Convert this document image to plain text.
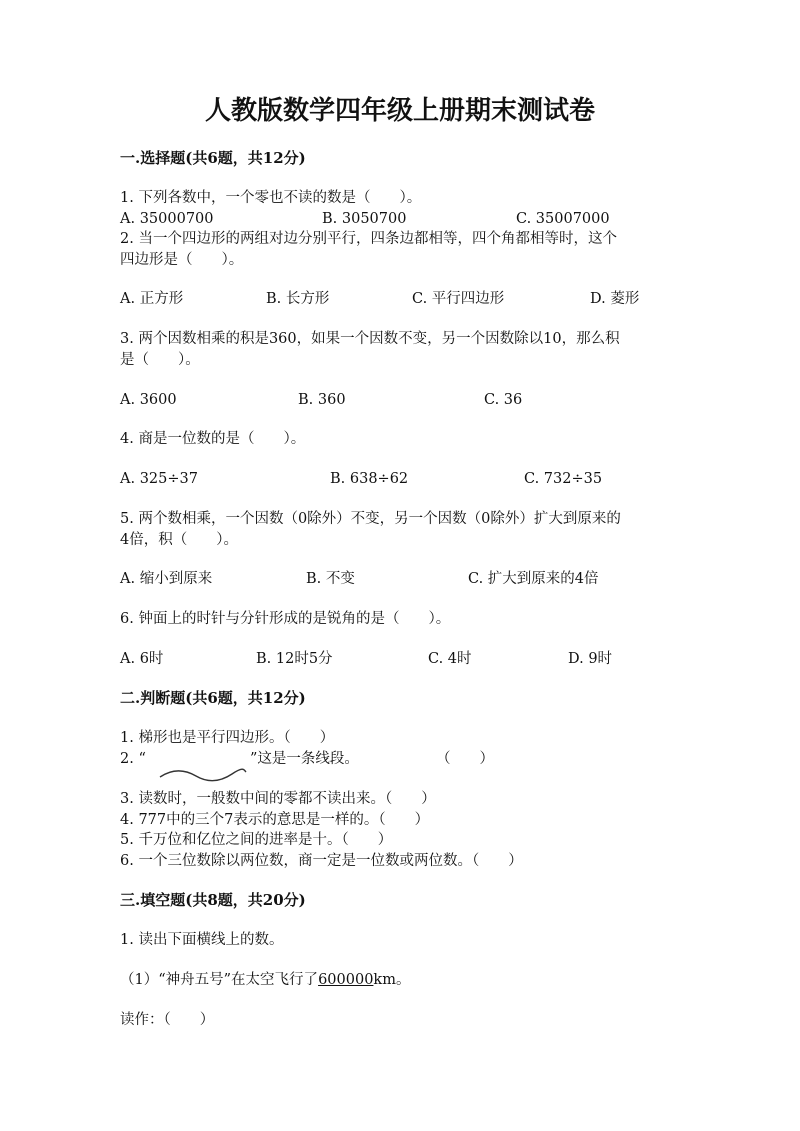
人教版数学四年级上册期末测试卷
一.选择题(共6题，共12分)
1. 下列各数中，一个零也不读的数是（　　）。
A. 35000700	B. 3050700	C. 35007000
2. 当一个四边形的两组对边分别平行，四条边都相等，四个角都相等时，这个
四边形是（　　）。
A. 正方形	B. 长方形	C. 平行四边形	D. 菱形
3. 两个因数相乘的积是360，如果一个因数不变，另一个因数除以10，那么积
是（　　）。
A. 3600	B. 360	C. 36
4. 商是一位数的是（　　）。
A. 325÷37	B. 638÷62	C. 732÷35
5. 两个数相乘，一个因数（0除外）不变，另一个因数（0除外）扩大到原来的
4倍，积（　　）。
A. 缩小到原来	B. 不变	C. 扩大到原来的4倍
6. 钟面上的时针与分针形成的是锐角的是（　　）。
A. 6时	B. 12时5分	C. 4时	D. 9时
二.判断题(共6题，共12分)
1. 梯形也是平行四边形。（　　）
2. “	”这是一条线段。	（　　）
3. 读数时，一般数中间的零都不读出来。（　　）
4. 777中的三个7表示的意思是一样的。（　　）
5. 千万位和亿位之间的进率是十。（　　）
6. 一个三位数除以两位数，商一定是一位数或两位数。（　　）
三.填空题(共8题，共20分)
1. 读出下面横线上的数。
（1）“神舟五号”在太空飞行了600000km。
读作：（　　）
